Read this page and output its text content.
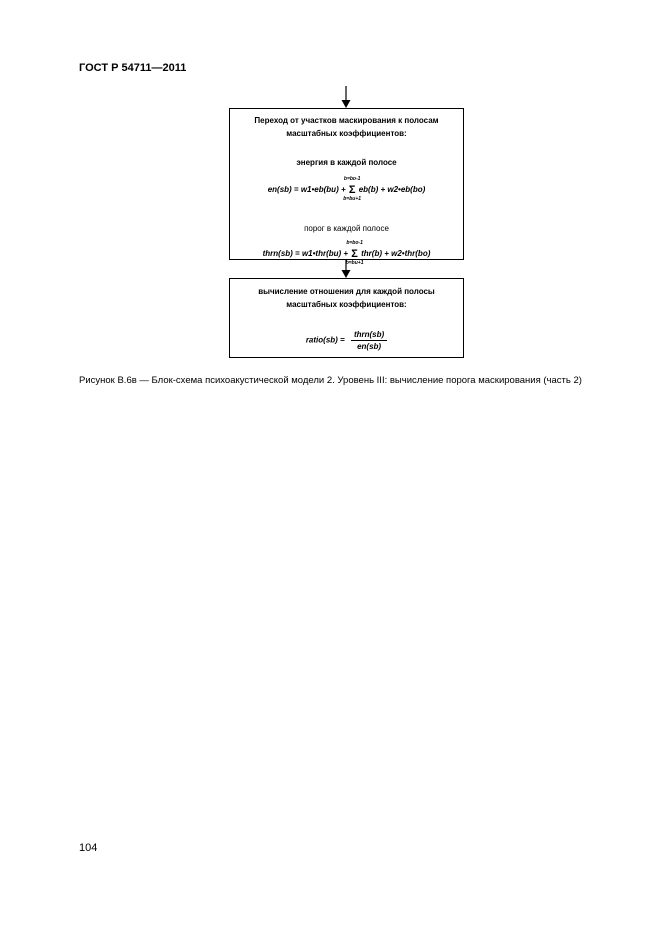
ГОСТ Р 54711—2011
Переход от участков маскирования к полосам
масштабных коэффициентов:
энергия в каждой полосе
en(sb) = w1•eb(bu) +
b=bo-1
Σ
b=bu+1
eb(b) + w2•eb(bo)
порог в каждой полосе
thrn(sb) = w1•thr(bu) +
b=bo-1
Σ
b=bu+1
thr(b) + w2•thr(bo)
вычисление отношения для каждой полосы
масштабных коэффициентов:
ratio(sb) = $\frac{\text{thrn(sb)}}{en(sb)}$
Рисунок В.6в — Блок-схема психоакустической модели 2. Уровень III: вычисление порога маскирования (часть 2)
104
